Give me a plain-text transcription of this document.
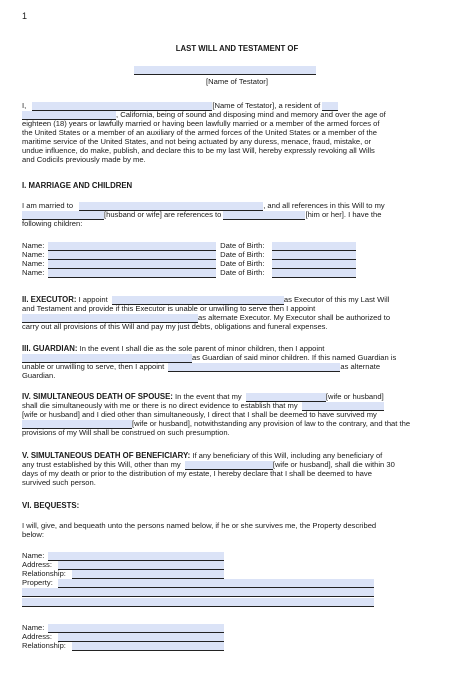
1
LAST WILL AND TESTAMENT OF
[Name of Testator]
I,	[Name of Testator], a resident of
, California, being of sound and disposing mind and memory and over the age of
eighteen (18) years or lawfully married or having been lawfully married or a member of the armed forces of
the United States or a member of an auxiliary of the armed forces of the United States or a member of the
maritime service of the United States, and not being actuated by any duress, menace, fraud, mistake, or
undue influence, do make, publish, and declare this to be my last Will, hereby expressly revoking all Wills
and Codicils previously made by me.
I. MARRIAGE AND CHILDREN
I am married to	, and all references in this Will to my
[husband or wife] are references to	[him or her]. I have the
following children:
Name:	Date of Birth:
Name:	Date of Birth:
Name:	Date of Birth:
Name:	Date of Birth:
II. EXECUTOR: I appoint	as Executor of this my Last Will
and Testament and provide if this Executor is unable or unwilling to serve then I appoint
as alternate Executor. My Executor shall be authorized to
carry out all provisions of this Will and pay my just debts, obligations and funeral expenses.
III. GUARDIAN: In the event I shall die as the sole parent of minor children, then I appoint
as Guardian of said minor children. If this named Guardian is
unable or unwilling to serve, then I appoint	as alternate
Guardian.
IV. SIMULTANEOUS DEATH OF SPOUSE: In the event that my	[wife or husband]
shall die simultaneously with me or there is no direct evidence to establish that my
[wife or husband] and I died other than simultaneously, I direct that I shall be deemed to have survived my
[wife or husband], notwithstanding any provision of law to the contrary, and that the
provisions of my Will shall be construed on such presumption.
V. SIMULTANEOUS DEATH OF BENEFICIARY: If any beneficiary of this Will, including any beneficiary of
any trust established by this Will, other than my	[wife or husband], shall die within 30
days of my death or prior to the distribution of my estate, I hereby declare that I shall be deemed to have
survived such person.
VI. BEQUESTS:
I will, give, and bequeath unto the persons named below, if he or she survives me, the Property described
below:
Name:
Address:
Relationship:
Property:
Name:
Address:
Relationship:
